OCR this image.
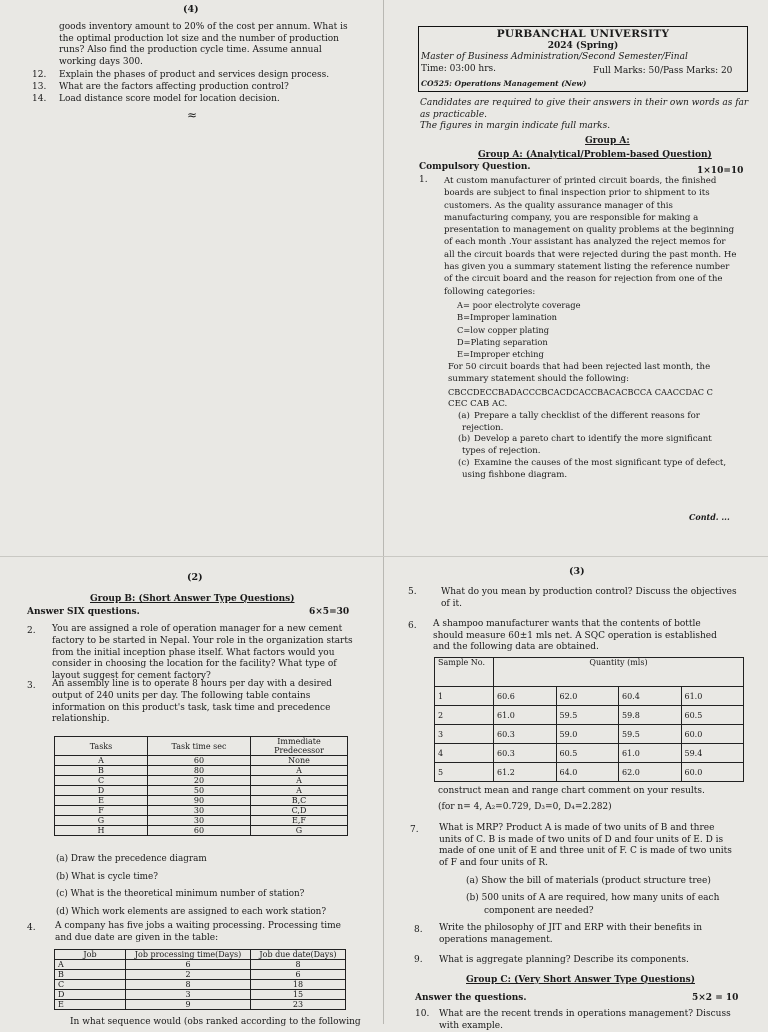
(4)
goods inventory amount to 20% of the cost per annum. What is
the optimal production lot size and the number of production
runs? Also find the production cycle time. Assume annual
working days 300.
12. Explain the phases of product and services design process.
13. What are the factors affecting production control?
14. Load distance score model for location decision.
≈
PURBANCHAL UNIVERSITY
2024 (Spring)
Master of Business Administration/Second Semester/Final
Time: 03:00 hrs.	Full Marks: 50/Pass Marks: 20
CO525: Operations Management (New)
Candidates are required to give their answers in their own words as far
as practicable.
The figures in margin indicate full marks.
Group A:
Group A: (Analytical/Problem-based Question)
Compulsory Question.	1×10=10
1. At custom manufacturer of printed circuit boards, the finished
boards are subject to final inspection prior to shipment to its
customers. As the quality assurance manager of this
manufacturing company, you are responsible for making a
presentation to management on quality problems at the beginning
of each month .Your assistant has analyzed the reject memos for
all the circuit boards that were rejected during the past month. He
has given you a summary statement listing the reference number
of the circuit board and the reason for rejection from one of the
following categories:
A= poor electrolyte coverage
B=Improper lamination
C=low copper plating
D=Plating separation
E=Improper etching
For 50 circuit boards that had been rejected last month, the
summary statement should the following:
CBCCDECCBADACCCBCACDCACCBACACBCCA CAACCDAC C
CEC CAB AC.
(a) Prepare a tally checklist of the different reasons for
rejection.
(b) Develop a pareto chart to identify the more significant
types of rejection.
(c) Examine the causes of the most significant type of defect,
using fishbone diagram.
Contd. ...
(2)
Group B: (Short Answer Type Questions)
Answer SIX questions.	6×5=30
2. You are assigned a role of operation manager for a new cement
factory to be started in Nepal. Your role in the organization starts
from the initial inception phase itself. What factors would you
consider in choosing the location for the facility? What type of
layout suggest for cement factory?
3. An assembly line is to operate 8 hours per day with a desired
output of 240 units per day. The following table contains
information on this product's task, task time and precedence
relationship.
Tasks	Task time sec	Immediate Predecessor
A	60	None
B	80	A
C	20	A
D	50	A
E	90	B,C
F	30	C,D
G	30	E,F
H	60	G
(a) Draw the precedence diagram
(b) What is cycle time?
(c) What is the theoretical minimum number of station?
(d) Which work elements are assigned to each work station?
4. A company has five jobs a waiting processing. Processing time
and due date are given in the table:
Job	Job processing time(Days)	Job due date(Days)
A	6	8
B	2	6
C	8	18
D	3	15
E	9	23
In what sequence would (obs ranked according to the following
(3)
5.	What do you mean by production control? Discuss the objectives
of it.
6. A shampoo manufacturer wants that the contents of bottle
should measure 60±1 mls net. A SQC operation is established
and the following data are obtained.
Sample No.	Quantity (mls)			
1	60.6	62.0	60.4	61.0
2	61.0	59.5	59.8	60.5
3	60.3	59.0	59.5	60.0
4	60.3	60.5	61.0	59.4
5	61.2	64.0	62.0	60.0
construct mean and range chart comment on your results.
(for n= 4, A₂=0.729, D₃=0, D₄=2.282)
7. What is MRP? Product A is made of two units of B and three
units of C. B is made of two units of D and four units of E. D is
made of one unit of E and three unit of F. C is made of two units
of F and four units of R.
(a) Show the bill of materials (product structure tree)
(b) 500 units of A are required, how many units of each
component are needed?
8. Write the philosophy of JIT and ERP with their benefits in
operations management.
9. What is aggregate planning? Describe its components.
Group C: (Very Short Answer Type Questions)
Answer the questions.	5×2 = 10
10. What are the recent trends in operations management? Discuss
with example.
